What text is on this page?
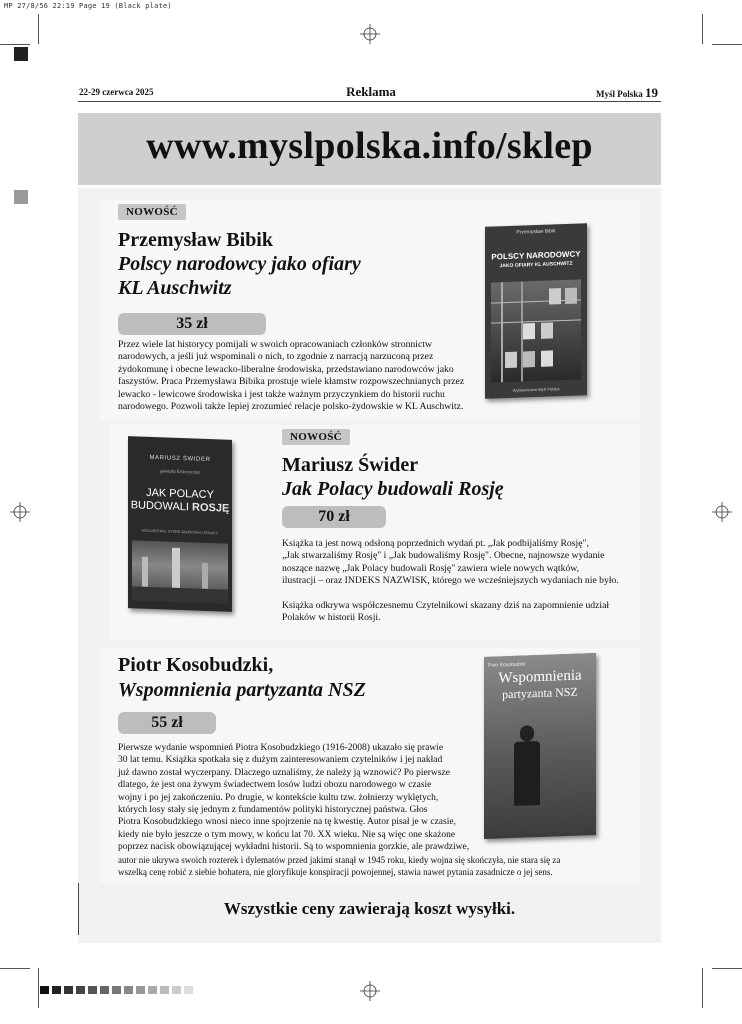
MP 27/8/56 22:19 Page 19 (Black plate)
22-29 czerwca 2025	Reklama	Myśl Polska 19
www.myslpolska.info/sklep
NOWOŚĆ
Przemysław Bibik
Polscy narodowcy jako ofiary
KL Auschwitz
35 zł
Przez wiele lat historycy pomijali w swoich opracowaniach członków stronnictw
narodowych, a jeśli już wspominali o nich, to zgodnie z narracją narzuconą przez
żydokomunę i obecne lewacko-liberalne środowiska, przedstawiano narodowców jako
faszystów. Praca Przemysława Bibika prostuje wiele kłamstw rozpowszechnianych przez
lewacko - lewicowe środowiska i jest także ważnym przyczynkiem do historii ruchu
narodowego. Pozwoli także lepiej zrozumieć relacje polsko-żydowskie w KL Auschwitz.
Przemysław Bibik
POLSCY NARODOWCY
JAKO OFIARY KL AUSCHWITZ
Wydawnictwo Myśl Polska
NOWOŚĆ
Mariusz Świder
Jak Polacy budowali Rosję
70 zł
Książka ta jest nową odsłoną poprzednich wydań pt. „Jak podbijaliśmy Rosję",
„Jak stwarzaliśmy Rosję" i „Jak budowaliśmy Rosję". Obecne, najnowsze wydanie
noszące nazwę „Jak Polacy budowali Rosję" zawiera wiele nowych wątków,
ilustracji – oraz INDEKS NAZWISK, którego we wcześniejszych wydaniach nie było.
Książka odkrywa współczesnemu Czytelnikowi skazany dziś na zapomnienie udział
Polaków w historii Rosji.
MARIUSZ ŚWIDER
gawęda historyczna
JAK POLACY
BUDOWALI ROSJĘ
MOCARSTWO, KTÓRE ZBUDOWALI POLACY
Piotr Kosobudzki,
Wspomnienia partyzanta NSZ
55 zł
Pierwsze wydanie wspomnień Piotra Kosobudzkiego (1916-2008) ukazało się prawie
30 lat temu. Książka spotkała się z dużym zainteresowaniem czytelników i jej nakład
już dawno został wyczerpany. Dlaczego uznaliśmy, że należy ją wznowić? Po pierwsze
dlatego, że jest ona żywym świadectwem losów ludzi obozu narodowego w czasie
wojny i po jej zakończeniu. Po drugie, w kontekście kultu tzw. żołnierzy wyklętych,
których losy stały się jednym z fundamentów polityki historycznej państwa. Głos
Piotra Kosobudzkiego wnosi nieco inne spojrzenie na tę kwestię. Autor pisał je w czasie,
kiedy nie było jeszcze o tym mowy, w końcu lat 70. XX wieku. Nie są więc one skażone
poprzez nacisk obowiązującej wykładni historii. Są to wspomnienia gorzkie, ale prawdziwe,
autor nie ukrywa swoich rozterek i dylematów przed jakimi stanął w 1945 roku, kiedy wojna się skończyła, nie stara się za
wszelką cenę robić z siebie bohatera, nie gloryfikuje konspiracji powojennej, stawia nawet pytania zasadnicze o jej sens.
Piotr Kosobudzki
Wspomnienia
partyzanta NSZ
Wszystkie ceny zawierają koszt wysyłki.
